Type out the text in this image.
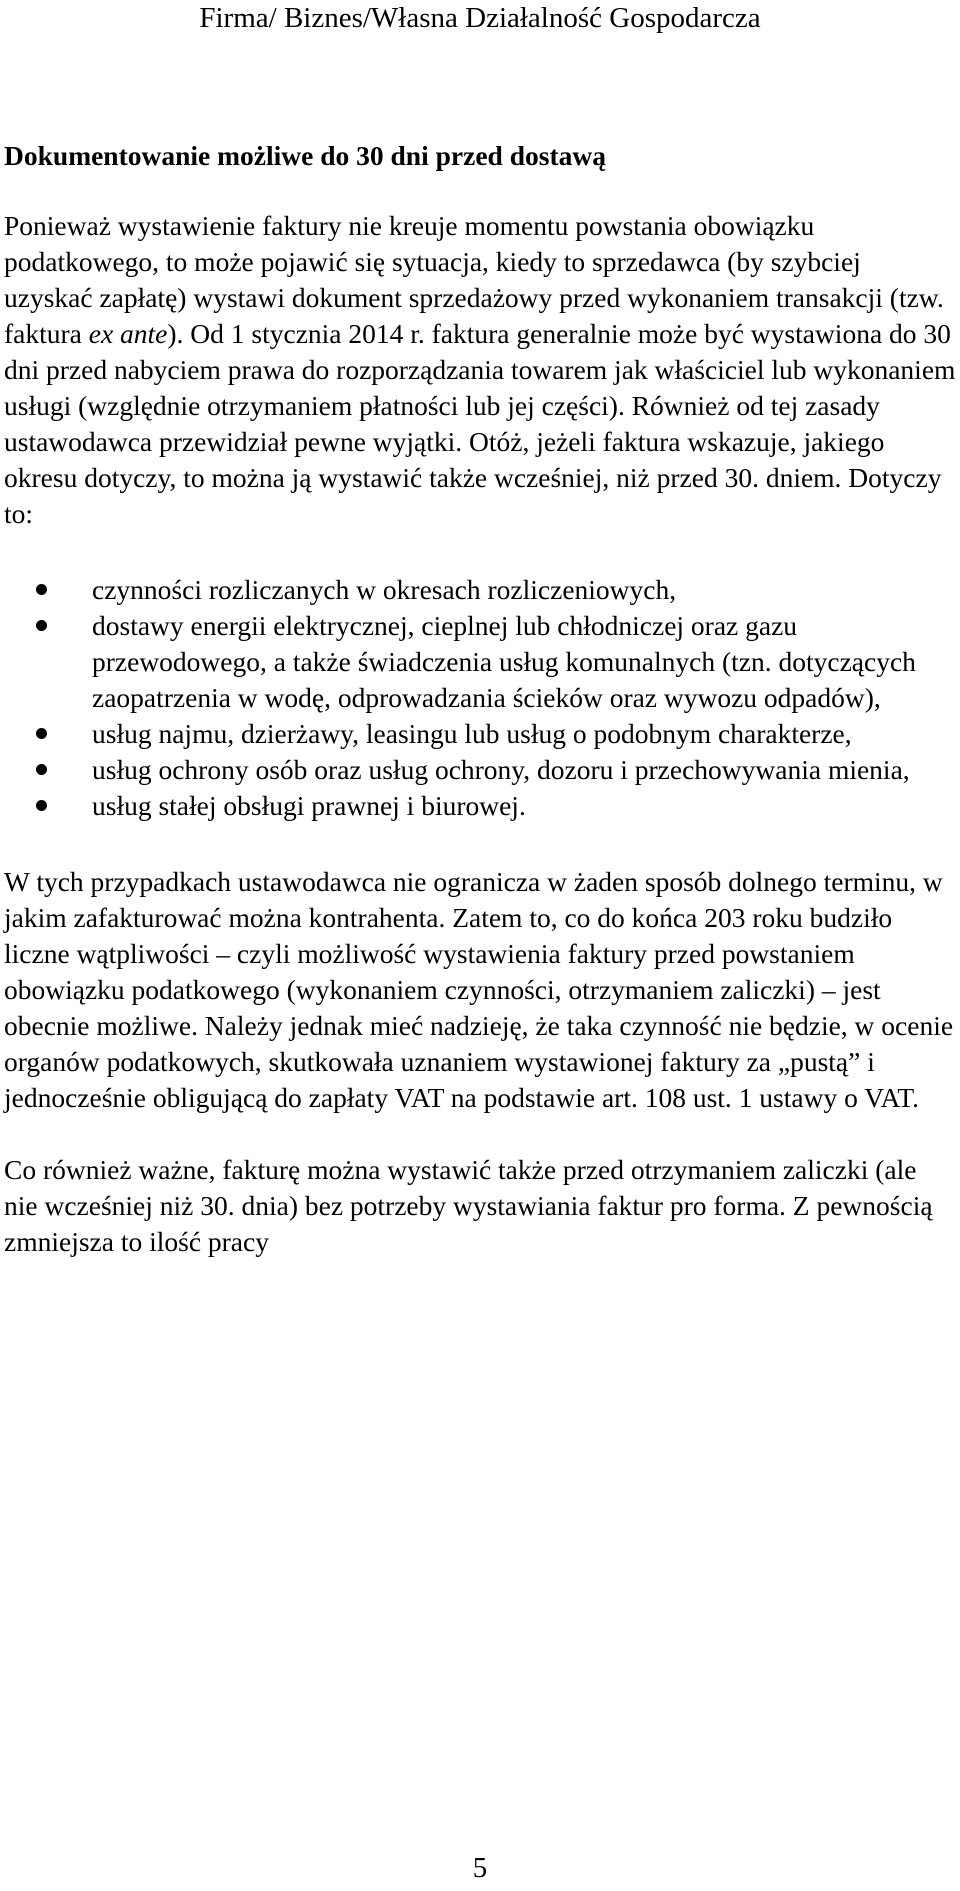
Firma/ Biznes/Własna Działalność Gospodarcza

Dokumentowanie możliwe do 30 dni przed dostawą

Ponieważ wystawienie faktury nie kreuje momentu powstania obowiązku podatkowego, to może pojawić się sytuacja, kiedy to sprzedawca (by szybciej uzyskać zapłatę) wystawi dokument sprzedażowy przed wykonaniem transakcji (tzw. faktura ex ante). Od 1 stycznia 2014 r. faktura generalnie może być wystawiona do 30 dni przed nabyciem prawa do rozporządzania towarem jak właściciel lub wykonaniem usługi (względnie otrzymaniem płatności lub jej części). Również od tej zasady ustawodawca przewidział pewne wyjątki. Otóż, jeżeli faktura wskazuje, jakiego okresu dotyczy, to można ją wystawić także wcześniej, niż przed 30. dniem. Dotyczy to:

czynności rozliczanych w okresach rozliczeniowych,
dostawy energii elektrycznej, cieplnej lub chłodniczej oraz gazu przewodowego, a także świadczenia usług komunalnych (tzn. dotyczących zaopatrzenia w wodę, odprowadzania ścieków oraz wywozu odpadów),
usług najmu, dzierżawy, leasingu lub usług o podobnym charakterze,
usług ochrony osób oraz usług ochrony, dozoru i przechowywania mienia,
usług stałej obsługi prawnej i biurowej.

W tych przypadkach ustawodawca nie ogranicza w żaden sposób dolnego terminu, w jakim zafakturować można kontrahenta. Zatem to, co do końca 203 roku budziło liczne wątpliwości – czyli możliwość wystawienia faktury przed powstaniem obowiązku podatkowego (wykonaniem czynności, otrzymaniem zaliczki) – jest obecnie możliwe. Należy jednak mieć nadzieję, że taka czynność nie będzie, w ocenie organów podatkowych, skutkowała uznaniem wystawionej faktury za „pustą” i jednocześnie obligującą do zapłaty VAT na podstawie art. 108 ust. 1 ustawy o VAT.

Co również ważne, fakturę można wystawić także przed otrzymaniem zaliczki (ale nie wcześniej niż 30. dnia) bez potrzeby wystawiania faktur pro forma. Z pewnością zmniejsza to ilość pracy

5
